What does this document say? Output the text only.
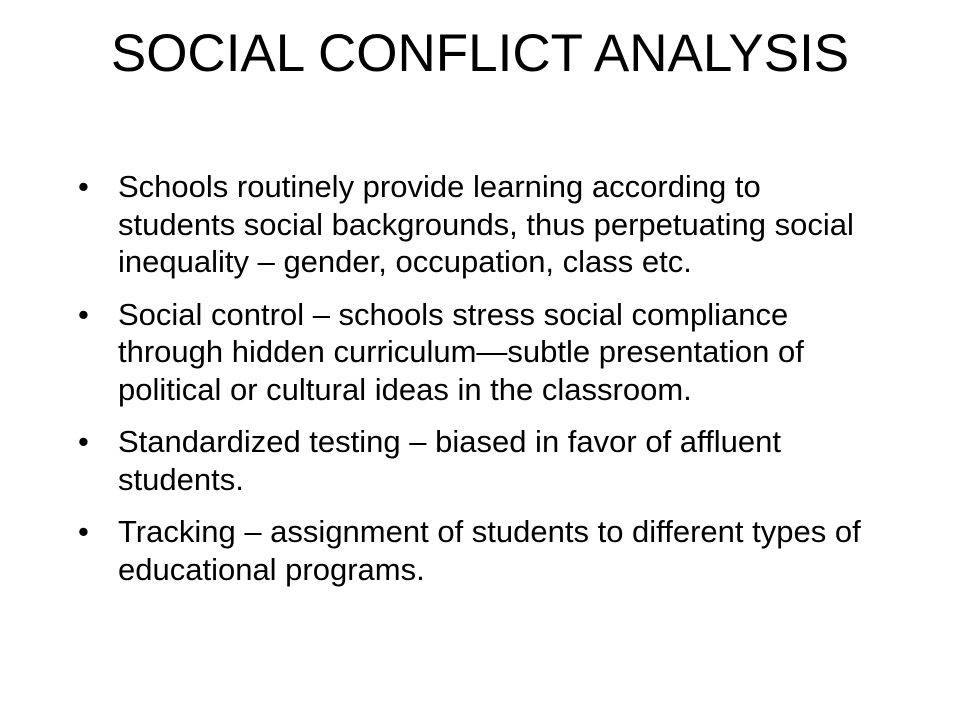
SOCIAL CONFLICT ANALYSIS
• Schools routinely provide learning according to students social backgrounds, thus perpetuating social inequality – gender, occupation, class etc.
• Social control – schools stress social compliance through hidden curriculum—subtle presentation of political or cultural ideas in the classroom.
• Standardized testing – biased in favor of affluent students.
• Tracking – assignment of students to different types of educational programs.
